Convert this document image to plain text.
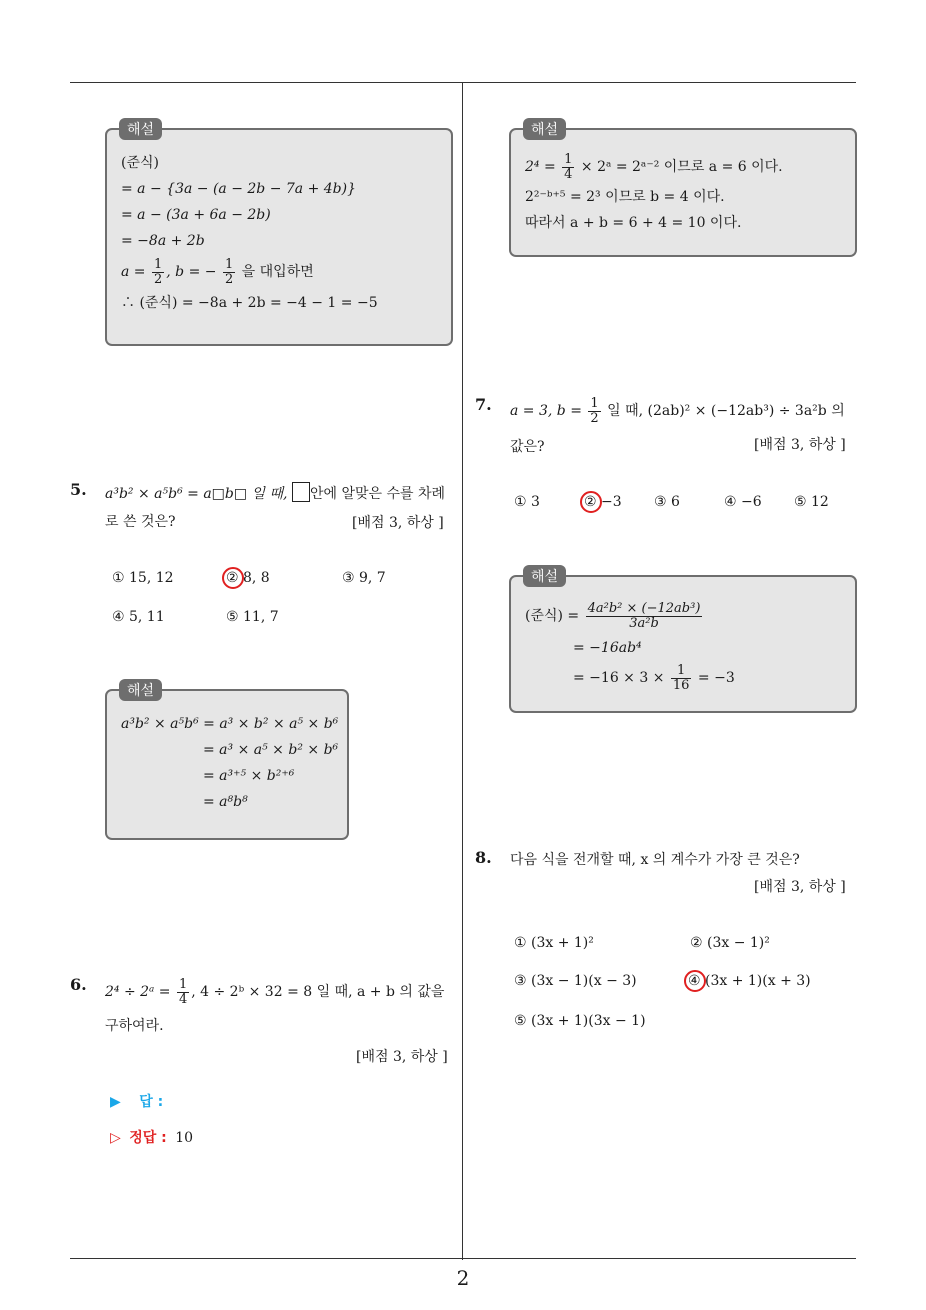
2
해설
(준식)
= a − {3a − (a − 2b − 7a + 4b)}
= a − (3a + 6a − 2b)
= −8a + 2b
$a = \frac{1}{2}$ , b = − $\frac{1}{2}$ 을 대입하면
∴ (준식) = −8a + 2b = −4 − 1 = −5
5. a³b² × a⁵b⁶ = a□b□ 일 때, 안에 알맞은 수를 차례
로 쓴 것은?	[배점 3, 하상 ]
① 15, 12	② 8, 8	③ 9, 7
④ 5, 11	⑤ 11, 7
해설
a³b² × a⁵b⁶ = a³ × b² × a⁵ × b⁶
= a³ × a⁵ × b² × b⁶
= a³⁺⁵ × b²⁺⁶
= a⁸b⁸
6. 2⁴ ÷ 2ᵃ = $\frac{1}{4}$ , 4 ÷ 2ᵇ × 32 = 8 일 때, a + b 의 값을
구하여라.
[배점 3, 하상 ]
▶ 답 :
▷ 정답 : 10
해설
$2^4 = \frac{1}{4}$ × 2ᵃ = 2ᵃ⁻² 이므로 a = 6 이다.
2²⁻ᵇ⁺⁵ = 2³ 이므로 b = 4 이다.
따라서 a + b = 6 + 4 = 10 이다.
7. a = 3, $b = \frac{1}{2}$ 일 때, (2ab)² × (−12ab³) ÷ 3a²b 의
값은?	[배점 3, 하상 ]
① 3	② −3 ③ 6	④ −6 ⑤ 12
해설
(준식) = $\frac{\text{4a²b² × (−12ab³)}}{\text{3a²b}}$
= −16ab⁴
= $-16 \times 3 \times \frac{1}{16} = -3$
8. 다음 식을 전개할 때, x 의 계수가 가장 큰 것은?
[배점 3, 하상 ]
① (3x + 1)²	② (3x − 1)²
③ (3x − 1)(x − 3)	④ (3x + 1)(x + 3)
⑤ (3x + 1)(3x − 1)
